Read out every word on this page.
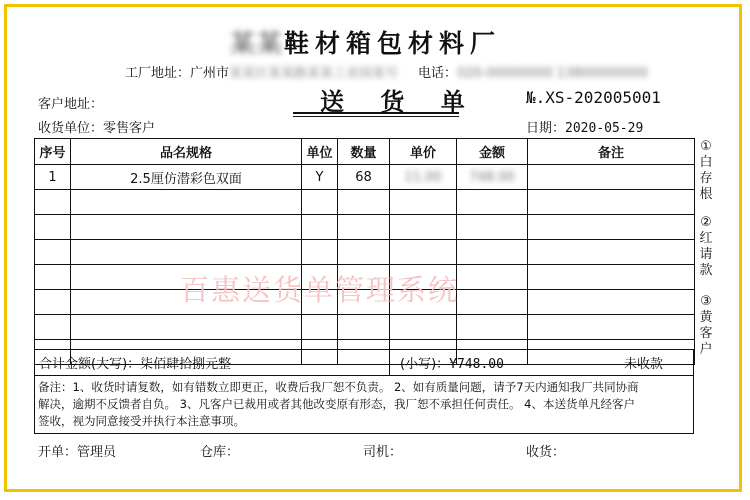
某某鞋材箱包材料厂
工厂地址：广州市某某区某某路某某工业园某号 电话：020-00000000 13800000000
送 货 单
客户地址：
收货单位：零售客户
№.XS-202005001
日期：2020-05-29
序号	品名规格	单位	数量	单价	金额	备注
1	2.5厘仿潜彩色双面	Y	68	11.00	748.00	

合计金额(大写)：柒佰肆拾捌元整	(小写)：¥748.00	未收款
备注：1、收货时请复数，如有错数立即更正，收费后我厂恕不负责。 2、如有质量问题，请予7天内通知我厂共同协商
解决，逾期不反馈者自负。 3、凡客户已裁用或者其他改变原有形态，我厂恕不承担任何责任。 4、本送货单凡经客户
签收，视为同意接受并执行本注意事项。
①白存根
②红请款
③黄客户
百惠送货单管理系统
开单：管理员	仓库：	司机：	收货：
